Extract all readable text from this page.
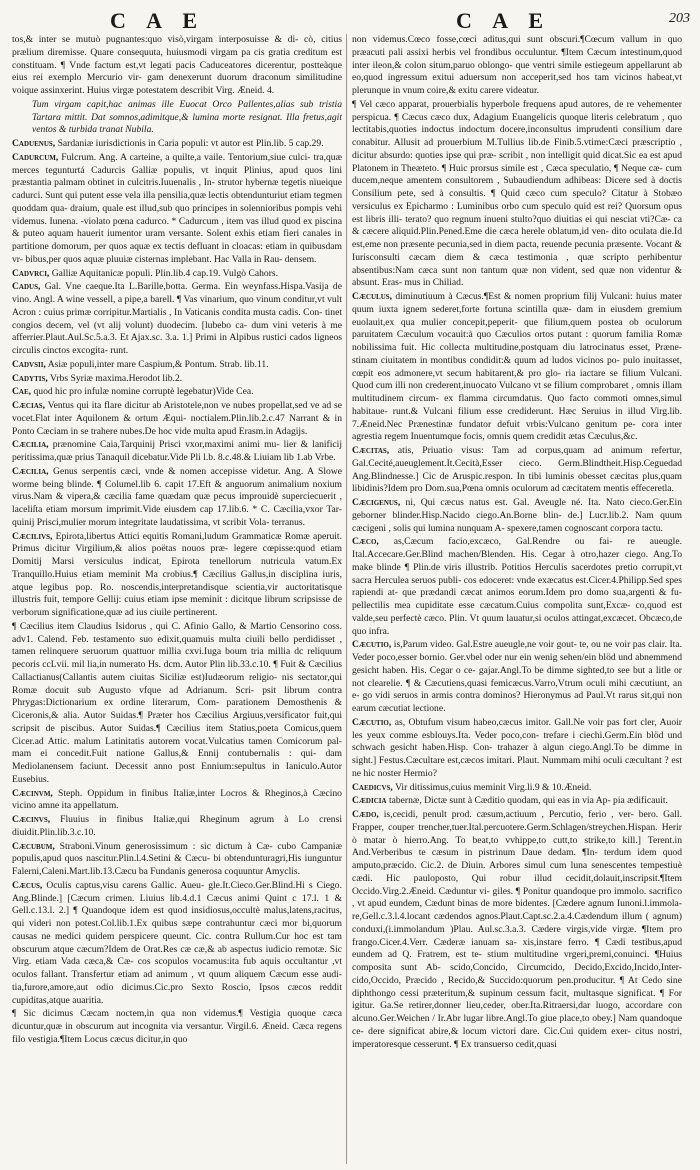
C A E	C A E	203
tos,& inter se mutuò pugnantes:quo visò,virgam interposuisse & di- cò, citius prælium diremisse. Quare consequuta, huiusmodi virgam pa cis gratia creditum est constituam. ¶ Vnde factum est,vt legati pacis Caduceatores dicerentur, postteàque eius rei exemplo Mercurio vir- gam denexerunt duorum draconum similitudine voique assinxerint. Huius virgæ potestatem describit Virg. Æneid. 4.
Tum virgam capit,hac animas ille Euocat Orco Pallentes,alias sub tristia Tartara mittit. Dat somnos,adimitque,& lumina morte resignat. Illa fretus,agit ventos & turbida tranat Nubila.
Caduenus, Sardaniæ iurisdictionis in Caria populi: vt autor est Plin.lib. 5 cap.29.
Cadurcum, Fulcrum. Ang. A carteine, a quilte,a vaile. Tentorium,siue culci- tra,quæ merces tegunturtá Cadurcis Galliæ populis, vt inquit Plinius, apud quos lini præstantia palmam obtinet in culcitris.Iuuenalis , In- strutor hybernæ tegetis niueique cadurci. Sunt qui putent esse vela illa pensilia,quæ lectis obtendunturiut etiam tegmen quoddam qua- draium, quale est illud,sub quo principes in solennioribus pompis vehi videmus. Iunena. -violato pœna cadurco. * Cadurcum , item vas illud quod ex piscina & puteo aquam hauerit iumentor uram versante. Solent exhis etiam fieri canales in partitione domorum, per quos aquæ ex tectis defluant in cloacas: etiam in quibusdam vr- bibus,per quos aquæ pluuiæ cisternas implebant. Hac Valla in Rau- densem.
Cadvrci, Galliæ Aquitanicæ populi. Plin.lib.4 cap.19. Vulgò Cahors.
Cadus, Gal. Vne caeque.Ita L.Barille,botta. Germa. Ein weynfass.Hispa.Vasija de vino. Angl. A wine vessell, a pipe,a barell. ¶ Vas vinarium, quo vinum conditur,vt vult Acron : cuius primæ corripitur.Martialis , In Vaticanis condita musta cadis. Con- tinet congios decem, vel (vt alij volunt) duodecim. [lubebo ca- dum vini veteris à me afferrier.Plaut.Aul.Sc.5.a.3. Et Ajax.sc. 3.a. 1.] Primi in Alpibus rustici cados ligneos circulis cinctos excogita- runt.
Cadvsii, Asiæ populi,inter mare Caspium,& Pontum. Strab. lib.11.
Cadytis, Vrbs Syriæ maxima.Herodot lib.2.
Cae, quod hic pro infulæ nomine corruptè legebatur)Vide Cea.
Cæcias, Ventus qui ita flare dicitur ab Aristotele,non ve nubes propellat,sed ve ad se vocet.Flat inter Aquilonem & ortum Æqui- noctialem.Plin.lib.2.c.47 Narrant & in Ponto Cæciam in se trahere nubes.De hoc vide multa apud Erasm.in Adagijs.
Cæcilia, prænomine Caia,Tarquinij Prisci vxor,maximi animi mu- lier & lanificij peritissima,quæ prius Tanaquil dicebatur.Vide Pli l.b. 8.c.48.& Liuiam lib 1.ab Vrbe.
Cæcilia, Genus serpentis cæci, vnde & nomen accepisse videtur. Ang. A Slowe worme being blinde. ¶ Columel.lib 6. capit 17.Eft & anguorum animalium noxium virus.Nam & vipera,& cæcilia fame quædam quæ pecus improuidè superciecuerit , laceliſta etiam morsum imprimit.Vide eiusdem cap 17.lib.6. * C. Cæcilia,vxor Tar- quinij Prisci,mulier morum integritate laudatissima, vt scribit Vola- terranus.
Cæcilivs, Epirota,libertus Attici equitis Romani,ludum Grammaticæ Romæ aperuit. Primus dicitur Virgilium,& alios poëtas nouos præ- legere cœpisse:quod etiam Domitij Marsi versiculus indicat, Epirota tenellorum nutricula vatum.Ex Tranquillo.Huius etiam meminit Ma crobius.¶ Cæcilius Gallus,in disciplina iuris, atque legibus pop. Ro. noscendis,interpretandisque scientia,vir auctoritatisque illustris fuit, tempore Gellij: cuius etiam ipse meminit : dicitque librum scripsisse de verborum significatione,quæ ad ius ciuile pertinerent.
¶ Cæcilius item Claudius Isidorus , qui C. Afinio Gallo, & Martio Censorino coss. adv1. Calend. Feb. testamento suo edixit,quamuis multa ciuili bello perdidisset , tamen relinquere seruorum quattuor millia cxvi.Iuga boum tria millia dc reliquum pecoris ccLvii. mil lia,in numerato Hs. dcm. Autor Plin lib.33.c.10. ¶ Fuit & Cæcilius Callactianus(Callantis autem ciuitas Siciliæ est)Iudæorum religio- nis sectator,qui Romæ docuit sub Augusto vfque ad Adrianum. Scri- psit librum contra Phrygas:Dictionarium ex ordine literarum, Com- parationem Demosthenis & Ciceronis,& alia. Autor Suidas.¶ Præter hos Cæcilius Argiuus,versificator fuit,qui scripsit de piscibus. Autor Suidas.¶ Cæcilius item Statius,poeta Comicus,quem Cicer.ad Attic. malum Latinitatis autorem vocat.Vulcatius tamen Comicorum pal- mam ei concedit.Fuit natione Gallus,& Ennij contubernalis : qui- dam Mediolanensem faciunt. Decessit anno post Ennium:sepultus in Ianiculo.Autor Eusebius.
Cæcinvm, Steph. Oppidum in finibus Italiæ,inter Locros & Rheginos,à Cæcino vicino amne ita appellatum.
Cæcinvs, Fluuius in finibus Italiæ,qui Rheginum agrum à Lo crensi diuidit.Plin.lib.3.c.10.
Cæcubum, Straboni.Vinum generosissimum : sic dictum à Cæ- cubo Campaniæ populis,apud quos nascitur.Plin.l.4.Setini & Cæcu- bi obtendunturagri,His iunguntur Falerni,Caleni.Mart.lib.13.Cæcu ba Fundanis generosa coquuntur Amyclis.
Cæcus, Oculis captus,visu carens Gallic. Aueu- gle.It.Cieco.Ger.Blind.Hi s Ciego. Ang.Blinde.] [Cæcum crimen. Liuius lib.4.d.1 Cæcus animi Quint c 17.l. 1 & Gell.c.13.l. 2.] ¶ Quandoque idem est quod insidiosus,occultè malus,latens,racitus, qui videri non potest.Col.lib.1.Ex quibus sæpe contrahuntur cæci mor bi,quorum causas ne medici quidem perspicere queunt. Cic. contra Rullum.Cur hoc est tam obscurum atque cæcum?Idem de Orat.Res cæ cæ,& ab aspectus iudicio remotæ. Sic Virg. etiam Vada cæca,& Cæ- cos scopulos vocamus:ita fub aquis occultantur ,vt oculos fallant. Transfertur etiam ad animum , vt quum aliquem Cæcum esse audi- tia,furore,amore,aut odio dicimus.Cic.pro Sexto Roscio, Ipsos cæcos reddit cupiditas,atque auaritia.
¶ Sic dicimus Cæcam noctem,in qua non videmus.¶ Vestigia quoque cæca dicuntur,quæ in obscurum aut incognita via versantur. Virgil.6. Æneid. Cæca regens filo vestigia.¶Item Locus cæcus dicitur,in quo
non videmus.Cœco fosse,cœci aditus,qui sunt obscuri.¶Cœcum vallum in quo præacuti pali assixi herbis vel frondibus occuluntur. ¶Item Cæcum intestinum,quod inter ileon,& colon situm,paruo oblongo- que ventri simile estiegeum appellarunt ab eo,quod ingressum exitui aduersum non acceperit,sed hos tam vicinos habeat,vt plerunque in vnum coire,& exitu carere videatur.
¶ Vel cæco apparat, prouerbialis hyperbole frequens apud autores, de re vehementer perspicua. ¶ Cæcus cæco dux, Adagium Euangelicis quoque literis celebratum , quo lectitabis,quoties indoctus indoctum docere,inconsultus imprudenti consilium dare conabitur. Allusit ad prouerbium M.Tullius lib.de Finib.5.vtime:Cæci præscriptio , dicitur absurdo: quoties ipse qui præ- scribit , non intelligit quid dicat.Sic ea est apud Platonem in Theæteto. ¶ Huic prorsus simile est , Cæca speculatio, ¶ Neque cæ- cum ducem,neque amentem consultorem , Subaudiendum adhibeas: Dicere sed à doctis Consilium pete, sed à consultis. ¶ Quid cæco cum speculo? Citatur à Stobæo versiculus ex Epicharmo : Luminibus orbo cum speculo quid est rei? Quorsum opus est libris illi- terato? quo regnum inueni stulto?quo diuitias ei qui nesciat vti?Cæ- ca & cæcere aliquid.Plin.Pened.Eme die cæca herele oblatum,id ven- dito oculata die.Id est,eme non præsente pecunia,sed in diem pacta, reuende pecunia præsente. Vocant & Iurisconsulti cæcam diem & cæca testimonia , quæ scripto perhibentur absentibus:Nam cæca sunt non tantum quæ non vident, sed quæ non videntur & absunt. Eras- mus in Chiliad.
Cæculus, diminutiuum à Cæcus.¶Est & nomen proprium filij Vulcani: huius mater quum iuxta ignem sederet,forte fortuna scintilla quæ- dam in eiusdem gremium euolauit,ex qua mulier concepit,peperit- que filium,quem postea ob oculorum paruitatem Cæculum vocauit:à quo Cæculios ortos putant : quorum familia Romæ nobilissima fuit. Hic collecta multitudine,postquam diu latrocinatus esset, Præne- stinam ciuitatem in montibus condidit:& quum ad ludos vicinos po- pulo inuitasset, cœpit eos admonere,vt secum habitarent,& pro glo- ria iactare se filium Vulcani. Quod cum illi non crederent,inuocato Vulcano vt se filium comprobaret , omnis illam multitudinem circum- ex flamma circumdatus. Quo facto commoti omnes,simul habitaue- runt.& Vulcani filium esse crediderunt. Hæc Seruius in illud Virg.lib. 7.Æneid.Nec Prænestinæ fundator defuit vrbis:Vulcano genitum pe- cora inter agrestia regem Inuentumque focis, omnis quem credidit ætas Cæculus,&c.
Cæcitas, atis, Priuatio visus: Tam ad corpus,quam ad animum refertur, Gal.Cecité,aueuglement.It.Cecità,Esser cieco. Germ.Blindtheit.Hisp.Ceguedad Ang.Blindnesse.] Cic de Aruspic.respon. In tibi luminis obesset cæcitas plus,quam libidinis?Idem pro Dom.sua,Pœna omnis oculorum ad cæcitatem mentis effeceretla.
Cæcigenus, ni, Qui cæcus natus est. Gal. Aveugle né. Ita. Nato cieco.Ger.Ein geborner blinder.Hisp.Nacido ciego.An.Borne blin- de.] Lucr.lib.2. Nam quum cæcigeni , solis qui lumina nunquam A- spexere,tamen cognoscant corpora tactu.
Cæco, as,Cæcum facio,excæco, Gal.Rendre ou fai- re aueugle. Ital.Accecare.Ger.Blind machen/Blenden. His. Cegar à otro,hazer ciego. Ang.To make blinde ¶ Plin.de viris illustrib. Potitios Herculis sacerdotes pretio corrupit,vt sacra Herculea seruos publi- cos edoceret: vnde exæcatus est.Cicer.4.Philipp.Sed spes rapiendi at- que prædandi cæcat animos eorum.Idem pro domo sua,argenti & fu- pellectilis mea cupiditate esse cæcatum.Cuius compolita sunt,Excæ- co,quod est valde,seu perfectè cæco. Plin. Vt quum lauatur,si oculos attingat,excæcet. Obcæco,de quo infra.
Cæcutio, is,Parum video. Gal.Estre aueugle,ne voir gout- te, ou ne voir pas clair. Ita. Veder poco,esser bornio. Ger.vbel oder nur ein wenig sehen/ein blöd und abnemmend gesicht haben. His. Cegar o ce- gajar.Angl.To be dimme sighted,to see but a litle or not clearelie. ¶ & Cæcutiens,quasi femicæcus.Varro,Vtrum oculi mihi cæcutiunt, an e- go vidi seruos in armis contra dominos? Hieronymus ad Paul.Vt rarus sit,qui non earum cæcutiat lectione.
Cæcutio, as, Obtufum visum habeo,cæcus imitor. Gall.Ne voir pas fort cler, Auoir les yeux comme esblouys.Ita. Veder poco,con- trefare i ciechi.Germ.Ein blöd und schwach gesicht haben.Hisp. Con- trahazer à algun ciego.Angl.To be dimme in sight.] Festus.Cæcultare est,cæcos imitari. Plaut. Nummam mihi oculi cæcultant ? est ne hic noster Hermio?
Caedicvs, Vir ditissimus,cuius meminit Virg.li.9 & 10.Æneid.
Cædicia tabernæ, Dictæ sunt à Cæditio quodam, qui eas in via Ap- pia ædificauit.
Cædo, is,cecidi, penult prod. cæsum,actiuum , Percutio, ferio , ver- bero. Gall. Frapper, couper trencher,tuer.Ital.percuotere.Germ.Schlagen/streychen.Hispan. Herir ò matar ò hierro.Ang. To beat,to vvhippe,to cutt,to strike,to kill.] Terent.in And.Verberibus te cæsum in pistrinum Daue dedam. ¶In- terdum idem quod amputo,præcido. Cic.2. de Diuin. Arbores simul cum luna senescentes tempestiuè cædi. Hic pauloposto, Qui robur illud cecidit,dolauit,inscripsit.¶Item Occido.Virg.2.Æneid. Cæduntur vi- giles. ¶ Ponitur quandoque pro immolo. sacrifico , vt apud eundem, Cædunt binas de more bidentes. [Cædere agnum Iunoni.l.immola- re,Gell.c.3.l.4.locant cædendos agnos.Plaut.Capt.sc.2.a.4.Cædendum illum ( agnum) conduxi,(i.immolandum )Plau. Aul.sc.3.a.3. Cædere virgis,vide virgæ. ¶Item pro frango.Cicer.4.Verr. Cæderæ ianuam sa- xis,instare ferro. ¶ Cædi testibus,apud eundem ad Q. Fratrem, est te- stium multitudine vrgeri,premi,conuinci. ¶Huius composita sunt Ab- scido,Concido, Circumcido, Decido,Excido,Incido,Inter- cido,Occido, Præcido , Recido,& Succido:quorum pen.producitur. ¶ At Cedo sine diphthongo cessi præteritum,& supinum cessum facit, multasque significat. ¶ For igitur. Ga.Se retirer,donner lieu,ceder, ober.Ita.Ritraersi,dar luogo, accordare con alcuno.Ger.Weichen / Ir.Abr lugar libre.Angl.To giue place,to obey.] Nam quandoque ce- dere significat abire,& locum victori dare. Cic.Cui quidem exer- citus nostri, imperatoresque cesserunt. ¶ Ex transuerso cedit,quasi
